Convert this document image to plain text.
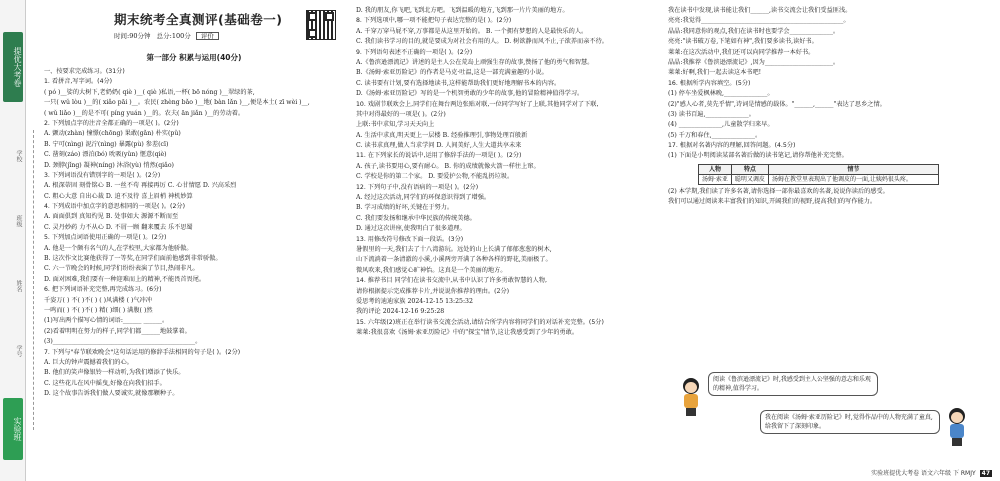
提优大考卷
实验班
学校
班级
姓名
学号
期末统考全真测评(基础卷一)
时间:90分钟 总分:100分 评价
第一部分 积累与运用(40分)
一、按要求完成练习。(31分)
1. 看拼音,写字词。(4分)
( pó )__娑的大树下,老奶奶( qiè )__( qiè )私语,一杯( bō nóng )__翠绿的茶,
一只( wǔ lòu )__的( xiǎo pāi )__。农民( zhèng bǎo )__地( bàn lǎn )__,便是本土( zī wèi )__,
( wǔ liǎo )__的是不可( píng yuán )__的。农夫( ān jiǎn )__的劳动着。
2. 下列加点字的注音全都正确的一项是( )。(2分)
A. 颤动(zhàn) 憧憬(chōng) 果敢(gǎn) 朴实(pǔ)
B. 宁可(nìng) 泥泞(nìng) 暴露(pù) 参差(cī)
C. 凿刻(záo) 漂泊(bó) 吮吸(yǔn) 惬意(qiè)
D. 颈脖(jǐng) 凝神(níng) 沐浴(yù) 悄然(qiǎo)
3. 下列词语没有错别字的一项是( )。(2分)
A. 根深蒂固 刻骨铭心 B. 一丝不苟 再接再厉 C. 心甘情愿 D. 兴高采烈
C. 粗心大意 自出心裁 D. 迫不及待 喜上眉梢 神机妙算
4. 下列成语中加点字的意思相同的一项是( )。(2分)
A. 面面俱到 真知灼见 B. 处事如大 源源不断而至
C. 灵丹妙药 力不从心 D. 不屑一顾 翻来覆去 乐不思蜀
5. 下列加点词语使用正确的一项是( )。(2分)
A. 他是一个颇有名气的人,在学校里,大家都为他骄傲。
B. 这次作文比赛他获得了一等奖,在同学们面前他感到非常骄傲。
C. 六一节晚会的时候,同学们纷纷表演了节目,热闹非凡。
D. 面对困难,我们要有一种迎难而上的精神,不能畏首畏尾。
6. 把下列词语补充完整,再完成练习。(6分)
千姿万( ) 不( )不( ) ( )风满楼 ( )气冲冲
一鸣而( ) 不( )不( ) 精( )细( ) 满腹( )然
(1)写出两个描写心情的词语:______ ______。
(2)看着明明在努力的样子,同学们都______地鼓掌着。
(3)______________________________________________。
7. 下列与"春节联欢晚会"这句话运用的修辞手法相同的句子是( )。(2分)
A. 巨大的钟声震撼着我们的心。
B. 他们的笑声像银铃一样动听,为我们增添了快乐。
C. 这些花儿在风中摇曳,好像在向我们招手。
D. 这个故事告诉我们做人要诚实,就像那颗种子。
D. 我的朋友,你飞吧,飞到北方吧。飞到温暖的地方,飞到那一片片美丽的地方。
8. 下列选项中,哪一项不能把句子表达完整的是( )。(2分)
A. 千穿万穿马屁不穿,万事都是从这里开始的。 B. 一个拥有梦想的人是最快乐的人。
C. 我们读书学习的目的,就是要成为对社会有用的人。 D. 树欲静而风不止,子欲养而亲不待。
9. 下列语句表述不正确的一项是( )。(2分)
A.《鲁滨逊漂流记》讲述的是主人公在荒岛上顽强生存的故事,赞扬了他的勇气和智慧。
B.《汤姆·索亚历险记》的作者是马克·吐温,这是一部充满童趣的小说。
C. 读书要有计划,要有选择地读书,这样能帮助我们更好地理解书本的内容。
D.《汤姆·索亚历险记》写的是一个机智勇敢的少年的故事,他的冒险精神值得学习。
10. 戏剧节联欢会上,同学们在舞台两边张贴对联,一位同学写好了上联,其他同学对了下联,
其中对得最好的一项是( )。(2分)
上联:书中求知,学习天天向上
A. 生活中求真,明天更上一层楼 B. 经验推理引,事物处理百般新
C. 读书求真理,做人当求学问 D. 人间美好,人生大道共享未来
11. 在下列家长的说话中,运用了修辞手法的一项是( )。(2分)
A. 孩子,读书要用心,要有耐心。 B. 你的成绩就像火箭一样往上窜。
C. 学校是你的第二个家。 D. 要爱护公物,不能乱扔垃圾。
12. 下列句子中,没有语病的一项是( )。(2分)
A. 经过这次活动,同学们的环保意识得到了增强。
B. 学习成绩的好坏,关键在于努力。
C. 我们要发扬和继承中华民族的传统美德。
D. 通过这次讲座,使我明白了很多道理。
13. 用修改符号修改下面一段话。(3分)
暑假里的一天,我们去了十八湾游玩。远处的山上长满了郁郁葱葱的树木,
山下流淌着一条清澈的小溪,小溪两旁开满了各种各样的野花,美丽极了。
微风吹来,我们感觉心旷神怡。这真是一个美丽的地方。
14. 推荐书目 同学们在读书交流中,从书中认识了许多勇敢智慧的人物,
请你根据提示完成推荐卡片,并说说你推荐的理由。(2分)
爱思考的迪迪家族 2024-12-15 13:25:32
我的评论 2024-12-16 9:25:28
15. 六年级(2)班正在举行读书交流会活动,请结合所学内容将同学们的对话补充完整。(5分)
莱莱:我很喜欢《汤姆·索亚历险记》中的"探宝"情节,这让我感受到了少年的勇敢。
我在读书中发现,读书能让我们______,读书交流会让我们受益匪浅。
亮亮:我觉得______________________________________________。
晶晶:我同意你的观点,我们在读书时也要学会______________。
亮亮:"读书破万卷,下笔如有神",我们要多读书,读好书。
莱莱:在这次活动中,我们还可以向同学推荐一本好书。
晶晶:我推荐《鲁滨逊漂流记》,因为______________________。
莱莱:好啊,我们一起去读这本书吧!
16. 根据所学内容填空。(5分)
(1) 停车坐爱枫林晚,______________。
(2)"感人心者,莫先乎情",诗词是情感的载体。"______,______"表达了思乡之情。
(3) 读书百遍,______________。
(4) ______________,儿童散学归来早。
(5) 千万和春住,______________。
17. 根据对名著内容的理解,回答问题。(4.5分)
(1) 下面是小明阅读某部名著后做的读书笔记,请你帮他补充完整。
人物	特点	情节
汤姆·索亚	聪明又调皮	汤姆在教堂里表现出了他调皮的一面,让姨妈很头疼。
(2) 本学期,我们读了许多名著,请你选择一部你最喜欢的名著,说说你读后的感受。
我们可以通过阅读来丰富我们的知识,开阔我们的视野,提高我们的写作能力。
阅读《鲁滨逊漂流记》时,我感受到主人公坚强的意志和乐观的精神,值得学习。
我在阅读《汤姆·索亚历险记》时,觉得作品中的人物充满了童真,给我留下了深刻印象。
实验班提优大考卷 语文六年级 下 RMJY 47
